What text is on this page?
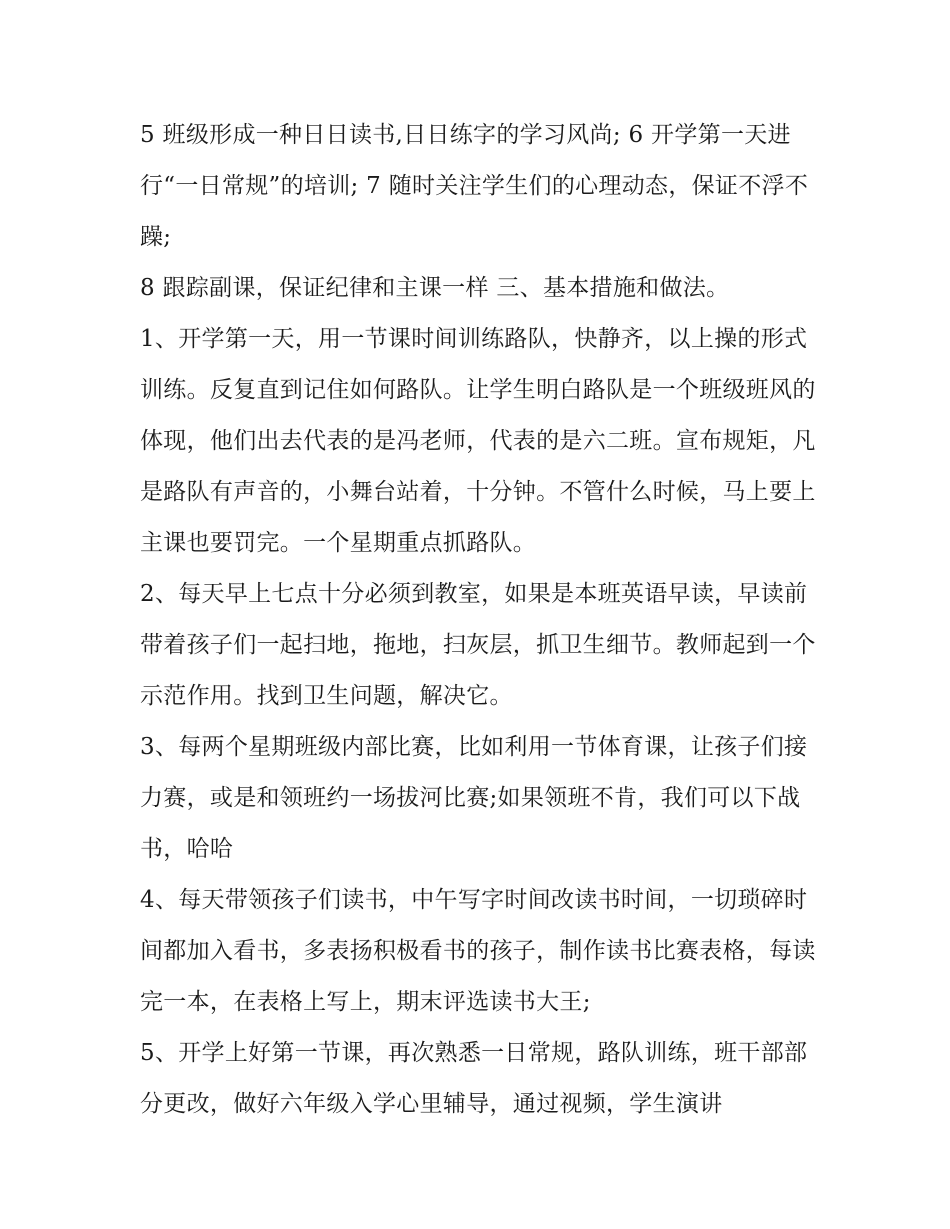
5 班级形成一种日日读书,日日练字的学习风尚; 6 开学第一天进行“一日常规”的培训; 7 随时关注学生们的心理动态，保证不浮不躁;

8 跟踪副课，保证纪律和主课一样 三、基本措施和做法。

1、开学第一天，用一节课时间训练路队，快静齐，以上操的形式训练。反复直到记住如何路队。让学生明白路队是一个班级班风的体现，他们出去代表的是冯老师，代表的是六二班。宣布规矩，凡是路队有声音的，小舞台站着，十分钟。不管什么时候，马上要上主课也要罚完。一个星期重点抓路队。

2、每天早上七点十分必须到教室，如果是本班英语早读，早读前带着孩子们一起扫地，拖地，扫灰层，抓卫生细节。教师起到一个示范作用。找到卫生问题，解决它。

3、每两个星期班级内部比赛，比如利用一节体育课，让孩子们接力赛，或是和领班约一场拔河比赛;如果领班不肯，我们可以下战书，哈哈

4、每天带领孩子们读书，中午写字时间改读书时间，一切琐碎时间都加入看书，多表扬积极看书的孩子，制作读书比赛表格，每读完一本，在表格上写上，期末评选读书大王;

5、开学上好第一节课，再次熟悉一日常规，路队训练，班干部部分更改，做好六年级入学心里辅导，通过视频，学生演讲
